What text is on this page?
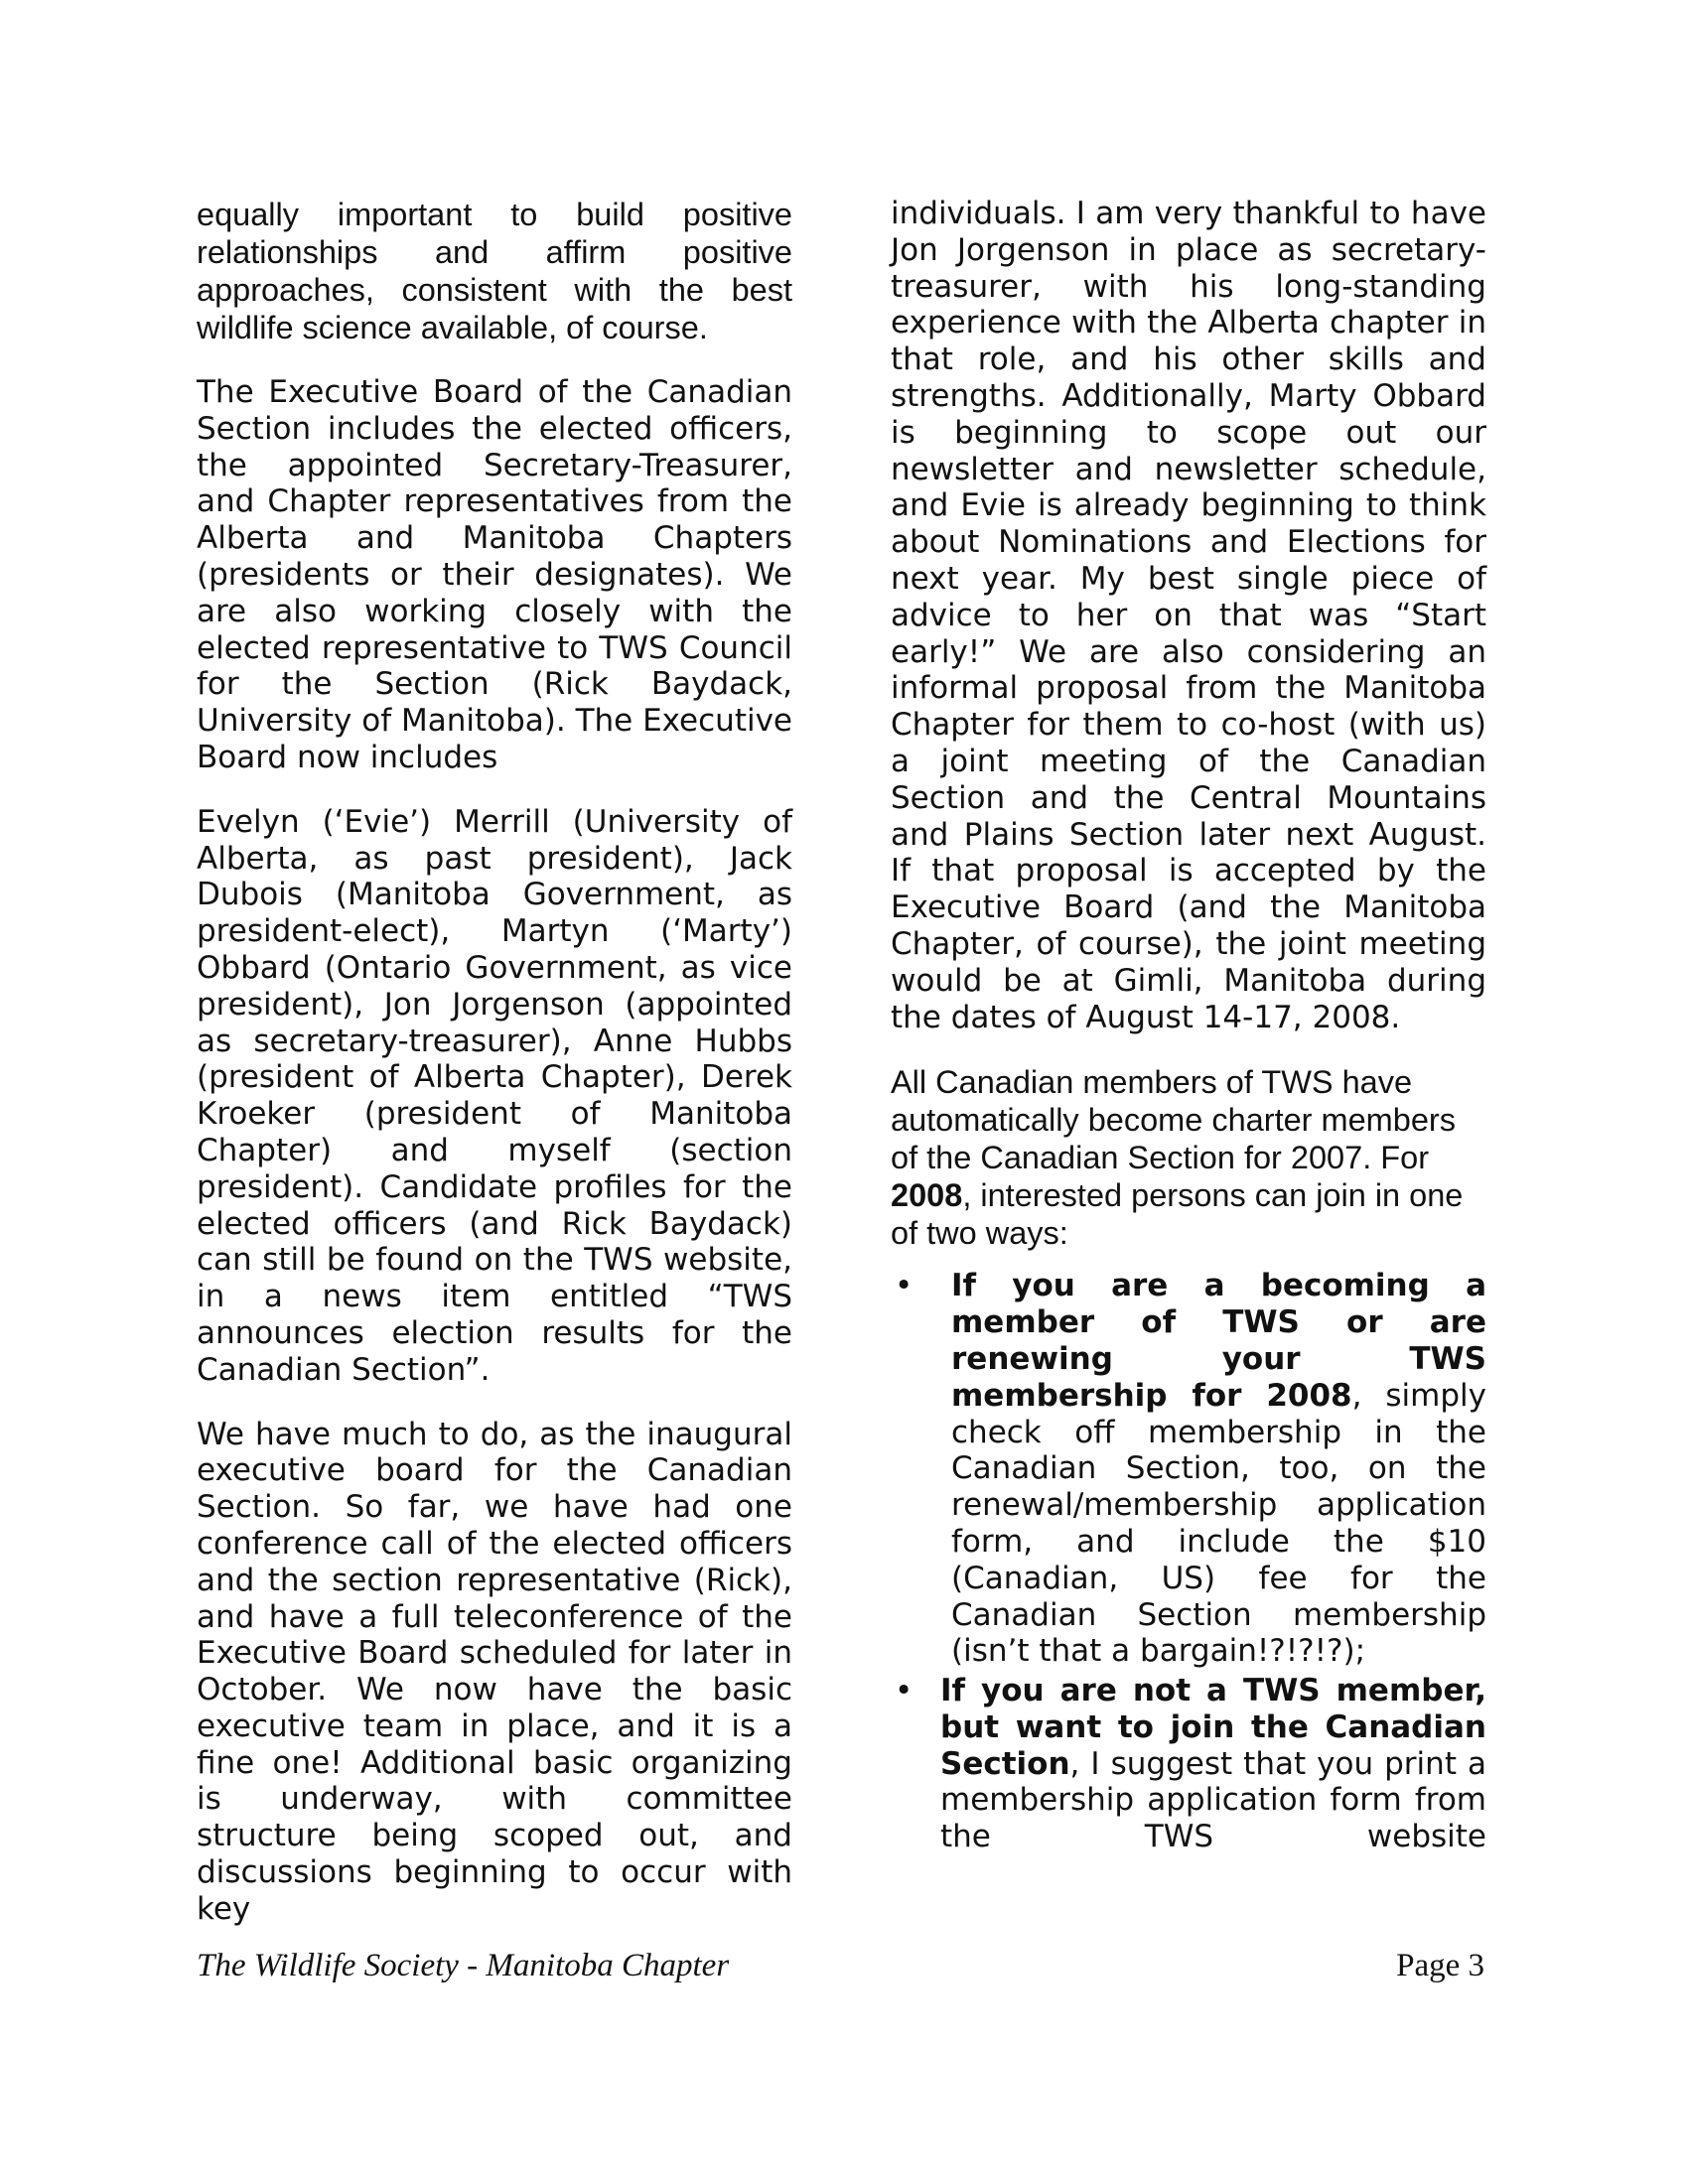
equally important to build positive relationships and affirm positive approaches, consistent with the best wildlife science available, of course.

The Executive Board of the Canadian Section includes the elected officers, the appointed Secretary-Treasurer, and Chapter representatives from the Alberta and Manitoba Chapters (presidents or their designates). We are also working closely with the elected representative to TWS Council for the Section (Rick Baydack, University of Manitoba). The Executive Board now includes

Evelyn (‘Evie’) Merrill (University of Alberta, as past president), Jack Dubois (Manitoba Government, as president-elect), Martyn (‘Marty’) Obbard (Ontario Government, as vice president), Jon Jorgenson (appointed as secretary-treasurer), Anne Hubbs (president of Alberta Chapter), Derek Kroeker (president of Manitoba Chapter) and myself (section president). Candidate profiles for the elected officers (and Rick Baydack) can still be found on the TWS website, in a news item entitled “TWS announces election results for the Canadian Section”.

We have much to do, as the inaugural executive board for the Canadian Section. So far, we have had one conference call of the elected officers and the section representative (Rick), and have a full teleconference of the Executive Board scheduled for later in October. We now have the basic executive team in place, and it is a fine one! Additional basic organizing is underway, with committee structure being scoped out, and discussions beginning to occur with key

individuals. I am very thankful to have Jon Jorgenson in place as secretary-treasurer, with his long-standing experience with the Alberta chapter in that role, and his other skills and strengths. Additionally, Marty Obbard is beginning to scope out our newsletter and newsletter schedule, and Evie is already beginning to think about Nominations and Elections for next year. My best single piece of advice to her on that was “Start early!” We are also considering an informal proposal from the Manitoba Chapter for them to co-host (with us) a joint meeting of the Canadian Section and the Central Mountains and Plains Section later next August. If that proposal is accepted by the Executive Board (and the Manitoba Chapter, of course), the joint meeting would be at Gimli, Manitoba during the dates of August 14-17, 2008.

All Canadian members of TWS have automatically become charter members of the Canadian Section for 2007. For 2008, interested persons can join in one of two ways:

• If you are a becoming a member of TWS or are renewing your TWS membership for 2008, simply check off membership in the Canadian Section, too, on the renewal/membership application form, and include the $10 (Canadian, US) fee for the Canadian Section membership (isn’t that a bargain!?!?!?);
• If you are not a TWS member, but want to join the Canadian Section, I suggest that you print a membership application form from the TWS website
The Wildlife Society - Manitoba Chapter	Page 3
